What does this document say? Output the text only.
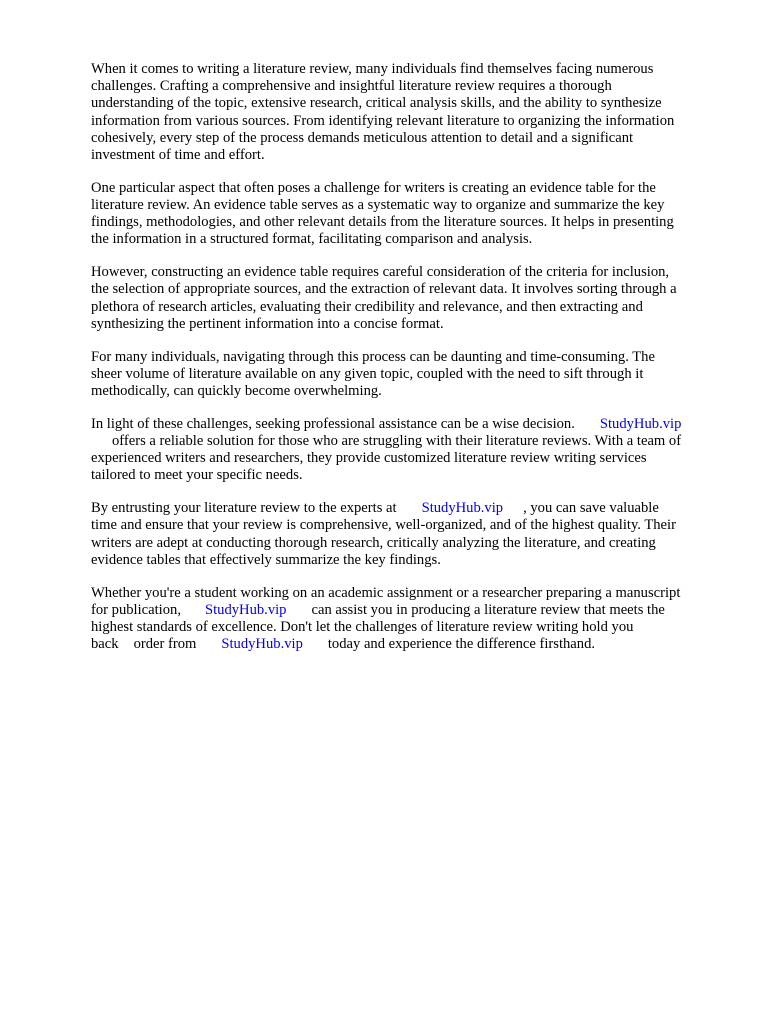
When it comes to writing a literature review, many individuals find themselves facing numerous
challenges. Crafting a comprehensive and insightful literature review requires a thorough
understanding of the topic, extensive research, critical analysis skills, and the ability to synthesize
information from various sources. From identifying relevant literature to organizing the information
cohesively, every step of the process demands meticulous attention to detail and a significant
investment of time and effort.
One particular aspect that often poses a challenge for writers is creating an evidence table for the
literature review. An evidence table serves as a systematic way to organize and summarize the key
findings, methodologies, and other relevant details from the literature sources. It helps in presenting
the information in a structured format, facilitating comparison and analysis.
However, constructing an evidence table requires careful consideration of the criteria for inclusion,
the selection of appropriate sources, and the extraction of relevant data. It involves sorting through a
plethora of research articles, evaluating their credibility and relevance, and then extracting and
synthesizing the pertinent information into a concise format.
For many individuals, navigating through this process can be daunting and time-consuming. The
sheer volume of literature available on any given topic, coupled with the need to sift through it
methodically, can quickly become overwhelming.
In light of these challenges, seeking professional assistance can be a wise decision. StudyHub.vip
offers a reliable solution for those who are struggling with their literature reviews. With a team of
experienced writers and researchers, they provide customized literature review writing services
tailored to meet your specific needs.
By entrusting your literature review to the experts at StudyHub.vip , you can save valuable
time and ensure that your review is comprehensive, well-organized, and of the highest quality. Their
writers are adept at conducting thorough research, critically analyzing the literature, and creating
evidence tables that effectively summarize the key findings.
Whether you're a student working on an academic assignment or a researcher preparing a manuscript
for publication, StudyHub.vip can assist you in producing a literature review that meets the
highest standards of excellence. Don't let the challenges of literature review writing hold you
back order from StudyHub.vip today and experience the difference firsthand.
